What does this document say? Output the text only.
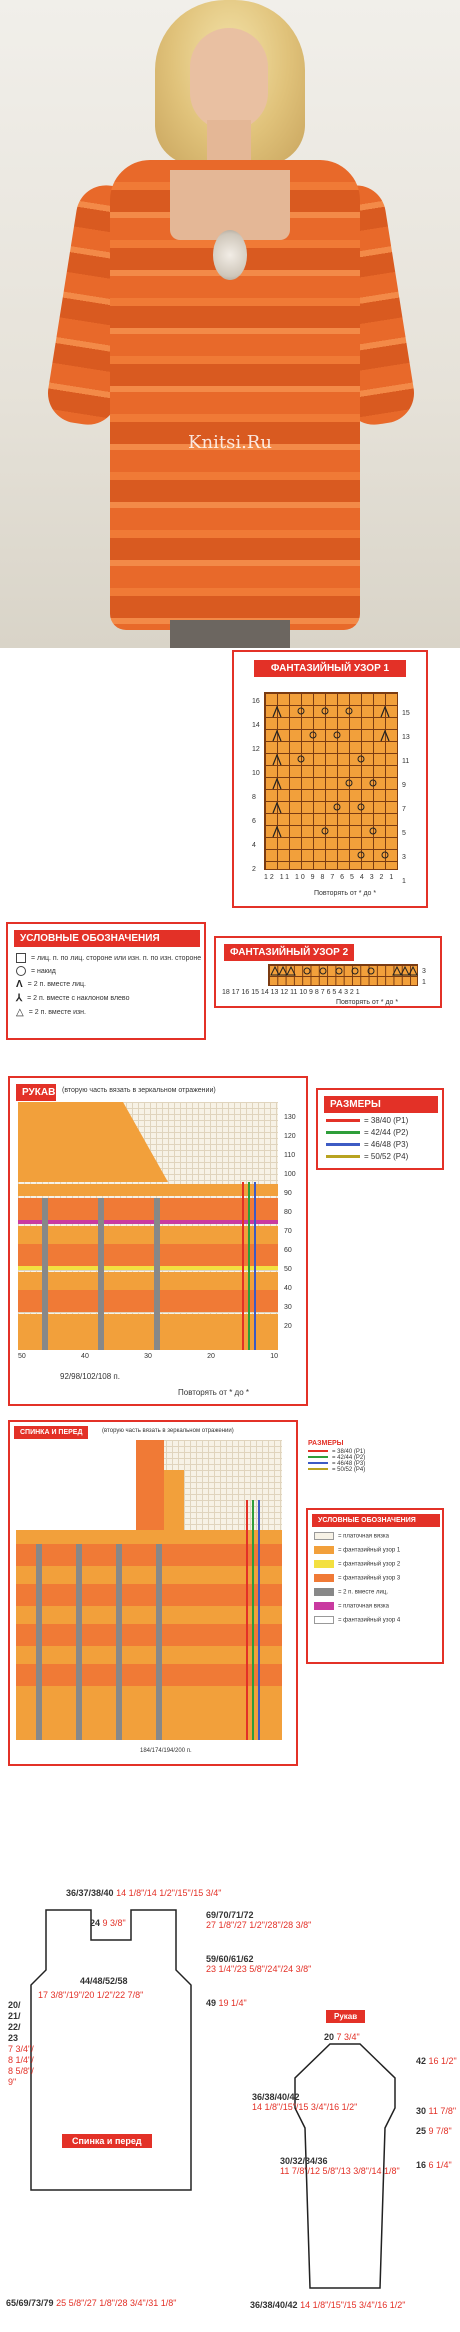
Knitsi.Ru
ФАНТАЗИЙНЫЙ УЗОР 1
16
14
12
10
8
6
4
2
15
13
11
9
7
5
3
1
12 11 10 9 8 7 6 5 4 3 2 1
Повторять от * до *
УСЛОВНЫЕ ОБОЗНАЧЕНИЯ
= лиц. п. по лиц. стороне или изн. п. по изн. стороне
= накид
Λ = 2 п. вместе лиц.
⅄ = 2 п. вместе с наклоном влево
△ = 2 п. вместе изн.
ФАНТАЗИЙНЫЙ УЗОР 2
3
1
18 17 16 15 14 13 12 11 10 9 8 7 6 5 4 3 2 1
Повторять от * до *
РУКАВ (вторую часть вязать в зеркальном отражении)
130
120
110
100
90
80
70
60
50
40
30
20
50	40	30	20	10
92/98/102/108 п.
Повторять от * до *
РАЗМЕРЫ
= 38/40 (Р1)
= 42/44 (Р2)
= 46/48 (Р3)
= 50/52 (Р4)
СПИНКА И ПЕРЕД	(вторую часть вязать в зеркальном отражении)
184/174/194/200 п.
РАЗМЕРЫ
= 38/40 (Р1)
= 42/44 (Р2)
= 46/48 (Р3)
= 50/52 (Р4)
УСЛОВНЫЕ ОБОЗНАЧЕНИЯ
= платочная вязка
= фантазийный узор 1
= фантазийный узор 2
= фантазийный узор 3
= 2 п. вместе лиц.
= платочная вязка
= фантазийный узор 4
36/37/38/40 14 1/8"/14 1/2"/15"/15 3/4"
24 9 3/8"
20/
21/
22/
23
7 3/4"/
8 1/4"/
8 5/8"/
9"
69/70/71/72
27 1/8"/27 1/2"/28"/28 3/8"
59/60/61/62
23 1/4"/23 5/8"/24"/24 3/8"
49 19 1/4"
44/48/52/58
17 3/8"/19"/20 1/2"/22 7/8"
Спинка и перед
65/69/73/79 25 5/8"/27 1/8"/28 3/4"/31 1/8"
Рукав
20 7 3/4"
36/38/40/42
14 1/8"/15"/15 3/4"/16 1/2"
42 16 1/2"
30 11 7/8"
25 9 7/8"
16 6 1/4"
30/32/34/36
11 7/8"/12 5/8"/13 3/8"/14 1/8"
36/38/40/42 14 1/8"/15"/15 3/4"/16 1/2"
